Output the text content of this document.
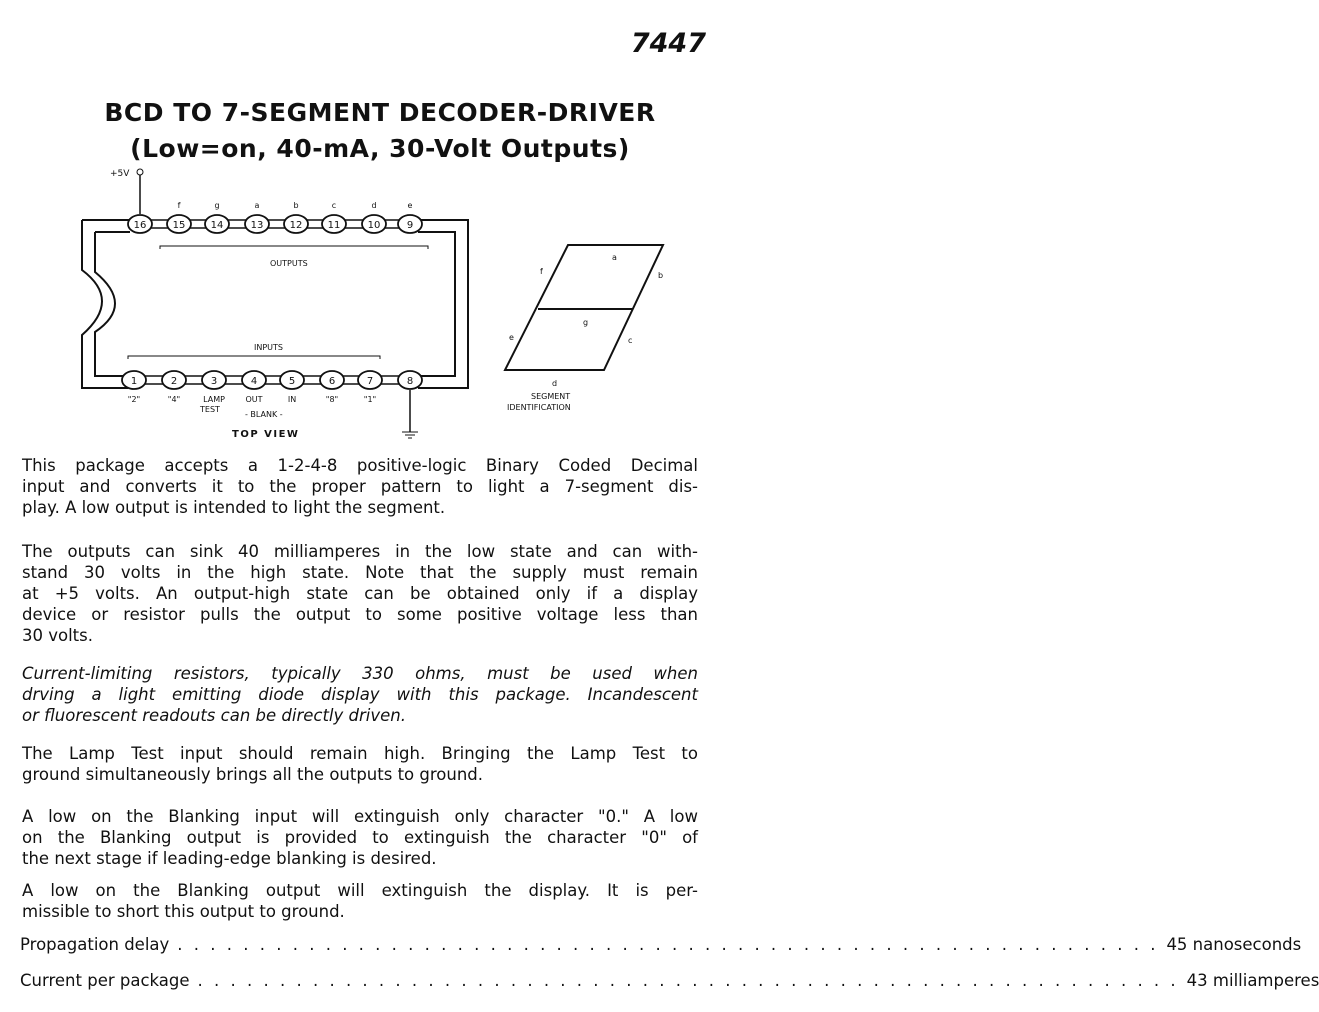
7447
BCD TO 7-SEGMENT DECODER-DRIVER
(Low=on, 40-mA, 30-Volt Outputs)
+5V
16	15
f
14
g
13
a
12
b
11
c
10
d
9
e
1
"2"
2
"4"
3
LAMP
4
OUT
5
IN
6
"8"
7
"1"
8
OUTPUTS
INPUTS
TEST
- BLANK -
TOP VIEW
a
b
c
d
e
f
g
SEGMENT
IDENTIFICATION
This package accepts a 1-2-4-8 positive-logic Binary Coded Decimal
input and converts it to the proper pattern to light a 7-segment dis-
play. A low output is intended to light the segment.
The outputs can sink 40 milliamperes in the low state and can with-
stand 30 volts in the high state. Note that the supply must remain
at +5 volts. An output-high state can be obtained only if a display
device or resistor pulls the output to some positive voltage less than
30 volts.
Current-limiting resistors, typically 330 ohms, must be used when
drving a light emitting diode display with this package. Incandescent
or fluorescent readouts can be directly driven.
The Lamp Test input should remain high. Bringing the Lamp Test to
ground simultaneously brings all the outputs to ground.
A low on the Blanking input will extinguish only character "0." A low
on the Blanking output is provided to extinguish the character "0" of
the next stage if leading-edge blanking is desired.
A low on the Blanking output will extinguish the display. It is per-
missible to short this output to ground.
Propagation delay . . . . . . . . . . . . . . . . . . . . . . . . . . . . . . . . . . . . . . . . . . . . . . . . . . . . . . . . . . . . 45 nanoseconds
Current per package . . . . . . . . . . . . . . . . . . . . . . . . . . . . . . . . . . . . . . . . . . . . . . . . . . . . . . . . . . . . 43 milliamperes
